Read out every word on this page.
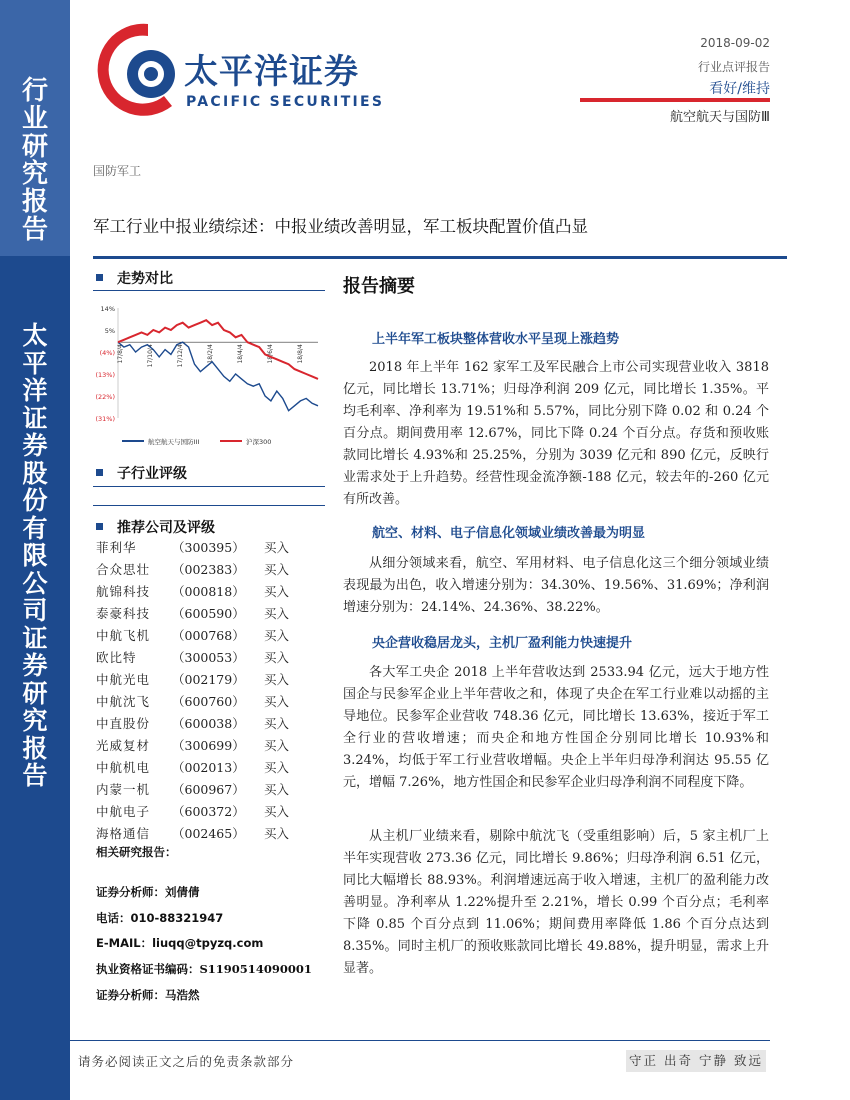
行
业
研
究
报
告
太
平
洋
证
券
股
份
有
限
公
司
证
券
研
究
报
告
太平洋证券
PACIFIC SECURITIES
2018-09-02
行业点评报告
看好/维持
航空航天与国防Ⅲ
国防军工
军工行业中报业绩综述：中报业绩改善明显，军工板块配置价值凸显
走势对比
14%
5%
(4%)
(13%)
(22%)
(31%)
17/8/4	17/10/4	17/12/4	18/2/4	18/4/4	18/6/4	18/8/4
航空航天与国防III	沪深300
子行业评级
推荐公司及评级
菲利华	（300395） 买入
合众思壮 （002383） 买入
航锦科技 （000818） 买入
泰豪科技 （600590） 买入
中航飞机 （000768） 买入
欧比特	（300053） 买入
中航光电 （002179） 买入
中航沈飞 （600760） 买入
中直股份 （600038） 买入
光威复材 （300699） 买入
中航机电 （002013） 买入
内蒙一机 （600967） 买入
中航电子 （600372） 买入
海格通信 （002465） 买入
相关研究报告：
证券分析师：刘倩倩
电话：010-88321947
E-MAIL：liuqq@tpyzq.com
执业资格证书编码：S1190514090001
证券分析师：马浩然
报告摘要
上半年军工板块整体营收水平呈现上涨趋势
2018 年上半年 162 家军工及军民融合上市公司实现营业收入 3818 亿元，同比增长 13.71%；归母净利润 209 亿元，同比增长 1.35%。平均毛利率、净利率为 19.51%和 5.57%，同比分别下降 0.02 和 0.24 个百分点。期间费用率 12.67%，同比下降 0.24 个百分点。存货和预收账款同比增长 4.93%和 25.25%，分别为 3039 亿元和 890 亿元，反映行业需求处于上升趋势。经营性现金流净额-188 亿元，较去年的-260 亿元有所改善。
航空、材料、电子信息化领域业绩改善最为明显
从细分领域来看，航空、军用材料、电子信息化这三个细分领域业绩表现最为出色，收入增速分别为：34.30%、19.56%、31.69%；净利润增速分别为：24.14%、24.36%、38.22%。
央企营收稳居龙头，主机厂盈利能力快速提升
各大军工央企 2018 上半年营收达到 2533.94 亿元，远大于地方性国企与民参军企业上半年营收之和，体现了央企在军工行业难以动摇的主导地位。民参军企业营收 748.36 亿元，同比增长 13.63%，接近于军工全行业的营收增速；而央企和地方性国企分别同比增长 10.93%和 3.24%，均低于军工行业营收增幅。央企上半年归母净利润达 95.55 亿元，增幅 7.26%，地方性国企和民参军企业归母净利润不同程度下降。
从主机厂业绩来看，剔除中航沈飞（受重组影响）后，5 家主机厂上半年实现营收 273.36 亿元，同比增长 9.86%；归母净利润 6.51 亿元，同比大幅增长 88.93%。利润增速远高于收入增速，主机厂的盈利能力改善明显。净利率从 1.22%提升至 2.21%，增长 0.99 个百分点；毛利率下降 0.85 个百分点到 11.06%；期间费用率降低 1.86 个百分点达到 8.35%。同时主机厂的预收账款同比增长 49.88%，提升明显，需求上升显著。
请务必阅读正文之后的免责条款部分	守正 出奇 宁静 致远
